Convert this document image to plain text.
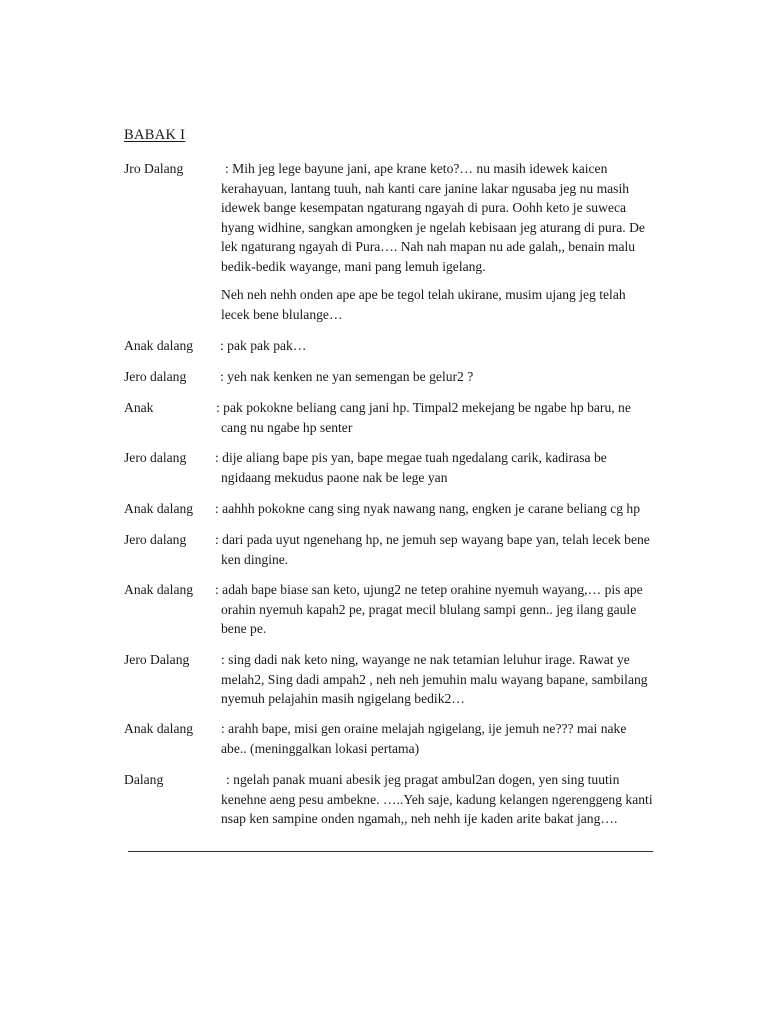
BABAK I
Jro Dalang	: Mih jeg lege bayune jani, ape krane keto?… nu masih idewek kaicen
kerahayuan, lantang tuuh, nah kanti care janine lakar ngusaba jeg nu masih
idewek bange kesempatan ngaturang ngayah di pura. Oohh keto je suweca
hyang widhine, sangkan amongken je ngelah kebisaan jeg aturang di pura. De
lek ngaturang ngayah di Pura…. Nah nah mapan nu ade galah,, benain malu
bedik-bedik wayange, mani pang lemuh igelang.
Neh neh nehh onden ape ape be tegol telah ukirane, musim ujang jeg telah
lecek bene blulange…
Anak dalang : pak pak pak…
Jero dalang : yeh nak kenken ne yan semengan be gelur2 ?
Anak	: pak pokokne beliang cang jani hp. Timpal2 mekejang be ngabe hp baru, ne
cang nu ngabe hp senter
Jero dalang : dije aliang bape pis yan, bape megae tuah ngedalang carik, kadirasa be
ngidaang mekudus paone nak be lege yan
Anak dalang : aahhh pokokne cang sing nyak nawang nang, engken je carane beliang cg hp
Jero dalang : dari pada uyut ngenehang hp, ne jemuh sep wayang bape yan, telah lecek bene
ken dingine.
Anak dalang : adah bape biase san keto, ujung2 ne tetep orahine nyemuh wayang,… pis ape
orahin nyemuh kapah2 pe, pragat mecil blulang sampi genn.. jeg ilang gaule
bene pe.
Jero Dalang : sing dadi nak keto ning, wayange ne nak tetamian leluhur irage. Rawat ye
melah2, Sing dadi ampah2 , neh neh jemuhin malu wayang bapane, sambilang
nyemuh pelajahin masih ngigelang bedik2…
Anak dalang : arahh bape, misi gen oraine melajah ngigelang, ije jemuh ne??? mai nake
abe.. (meninggalkan lokasi pertama)
Dalang	: ngelah panak muani abesik jeg pragat ambul2an dogen, yen sing tuutin
kenehne aeng pesu ambekne. …..Yeh saje, kadung kelangen ngerenggeng kanti
nsap ken sampine onden ngamah,, neh nehh ije kaden arite bakat jang….
